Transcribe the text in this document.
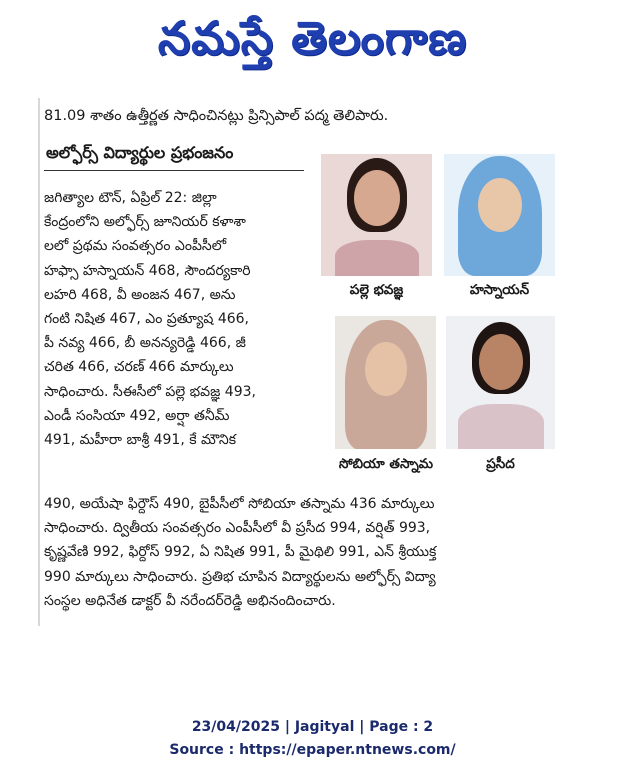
నమస్తే తెలంగాణ
81.09 శాతం ఉత్తీర్ణత సాధించినట్లు ప్రిన్సిపాల్ పద్మ తెలిపారు.
అల్ఫోర్స్ విద్యార్థుల ప్రభంజనం
జగిత్యాల టౌన్, ఏప్రిల్ 22: జిల్లా
కేంద్రంలోని అల్ఫోర్స్ జూనియర్ కళాశా
లలో ప్రథమ సంవత్సరం ఎంపీసీలో
హఫ్సా హస్నాయన్ 468, సౌందర్యకారి
లహరి 468, వీ అంజన 467, అను
గంటి నిషిత 467, ఎం ప్రత్యూష 466,
పీ నవ్య 466, బీ అనన్యరెడ్డి 466, జీ
చరిత 466, చరణ్ 466 మార్కులు
సాధించారు. సీఈసీలో పల్లె భవజ్ఞ 493,
ఎండీ సంసియా 492, అర్షా తనీమ్
491, మహీరా బాశ్రీ 491, కే మౌనిక
490, అయేషా ఫిర్దౌస్ 490, బైపీసీలో సోబియా తస్నామ 436 మార్కులు
సాధించారు. ద్వితీయ సంవత్సరం ఎంపీసీలో వీ ప్రసీద 994, వర్షిత్ 993,
కృష్ణవేణి 992, ఫిర్దోస్ 992, ఏ నిషిత 991, పీ మైథిలి 991, ఎన్ శ్రీయుక్త
990 మార్కులు సాధించారు. ప్రతిభ చూపిన విద్యార్థులను అల్ఫోర్స్ విద్యా
సంస్థల అధినేత డాక్టర్ వీ నరేందర్‌రెడ్డి అభినందించారు.
పల్లె భవజ్ఞ	హస్నాయన్
సోబియా తస్నామ	ప్రసీద
23/04/2025 | Jagityal | Page : 2
Source : https://epaper.ntnews.com/
